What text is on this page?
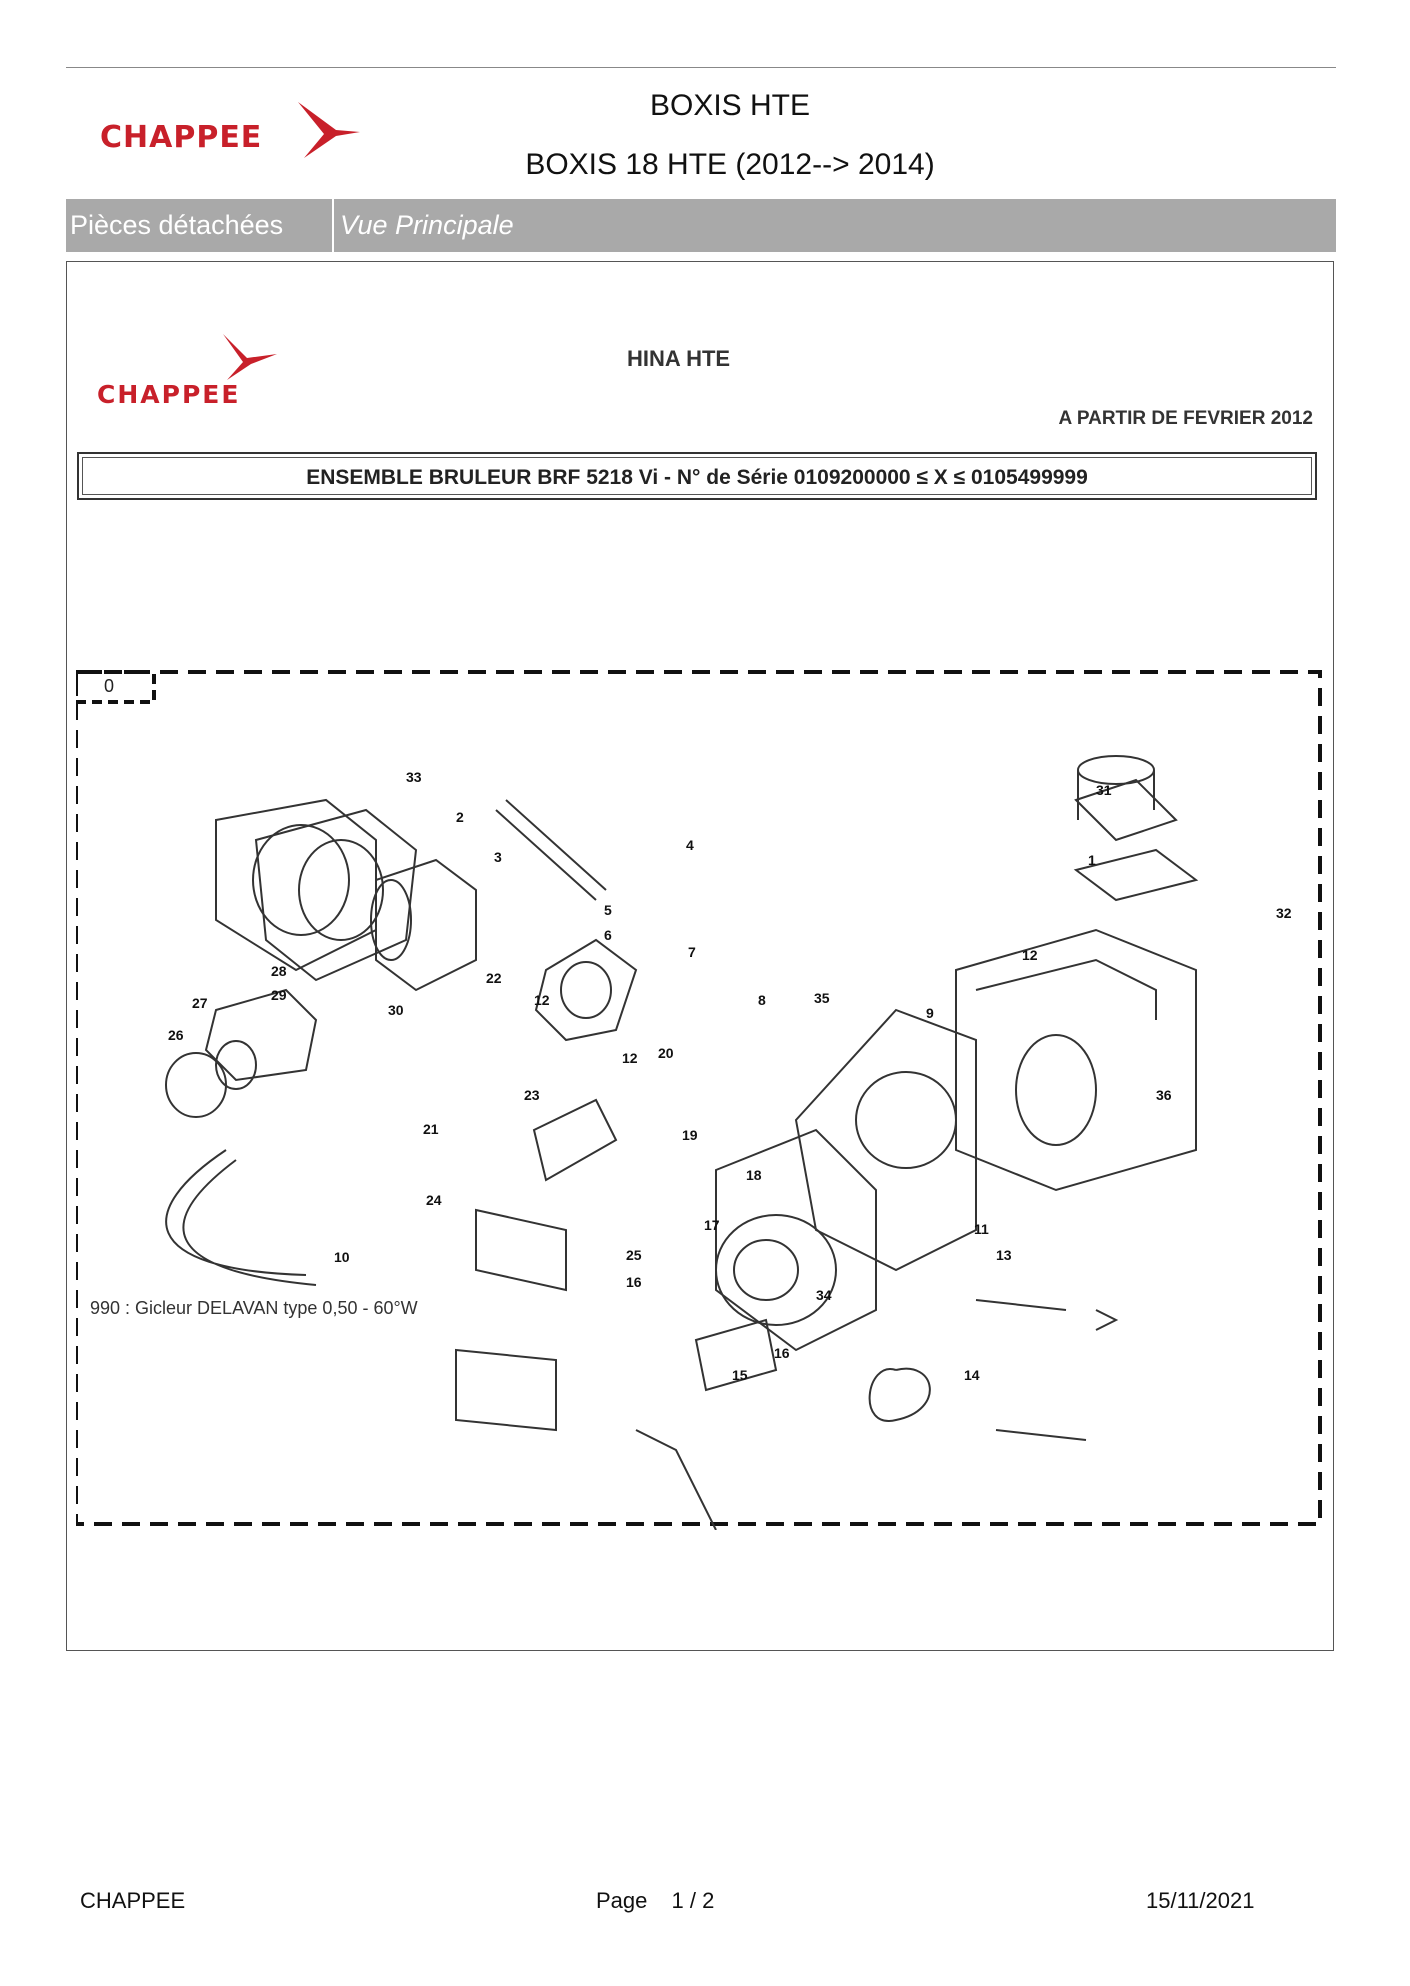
CHAPPEE
BOXIS HTE
BOXIS 18 HTE (2012--> 2014)
Pièces détachées	Vue Principale
CHAPPEE
HINA HTE
A PARTIR DE FEVRIER 2012
ENSEMBLE BRULEUR BRF 5218 Vi - N° de Série 0109200000 ≤ X ≤ 0105499999
33
2
3
4
31
1
32
5
6
7
22
12	8	35
9
12
28
29
30
27
26
12 20
23	36
21	19
18
24
11
10	25
17
16
34
13
15
16
14
0
990 : Gicleur DELAVAN type 0,50 - 60°W
CHAPPEE	Page 1 / 2	15/11/2021
